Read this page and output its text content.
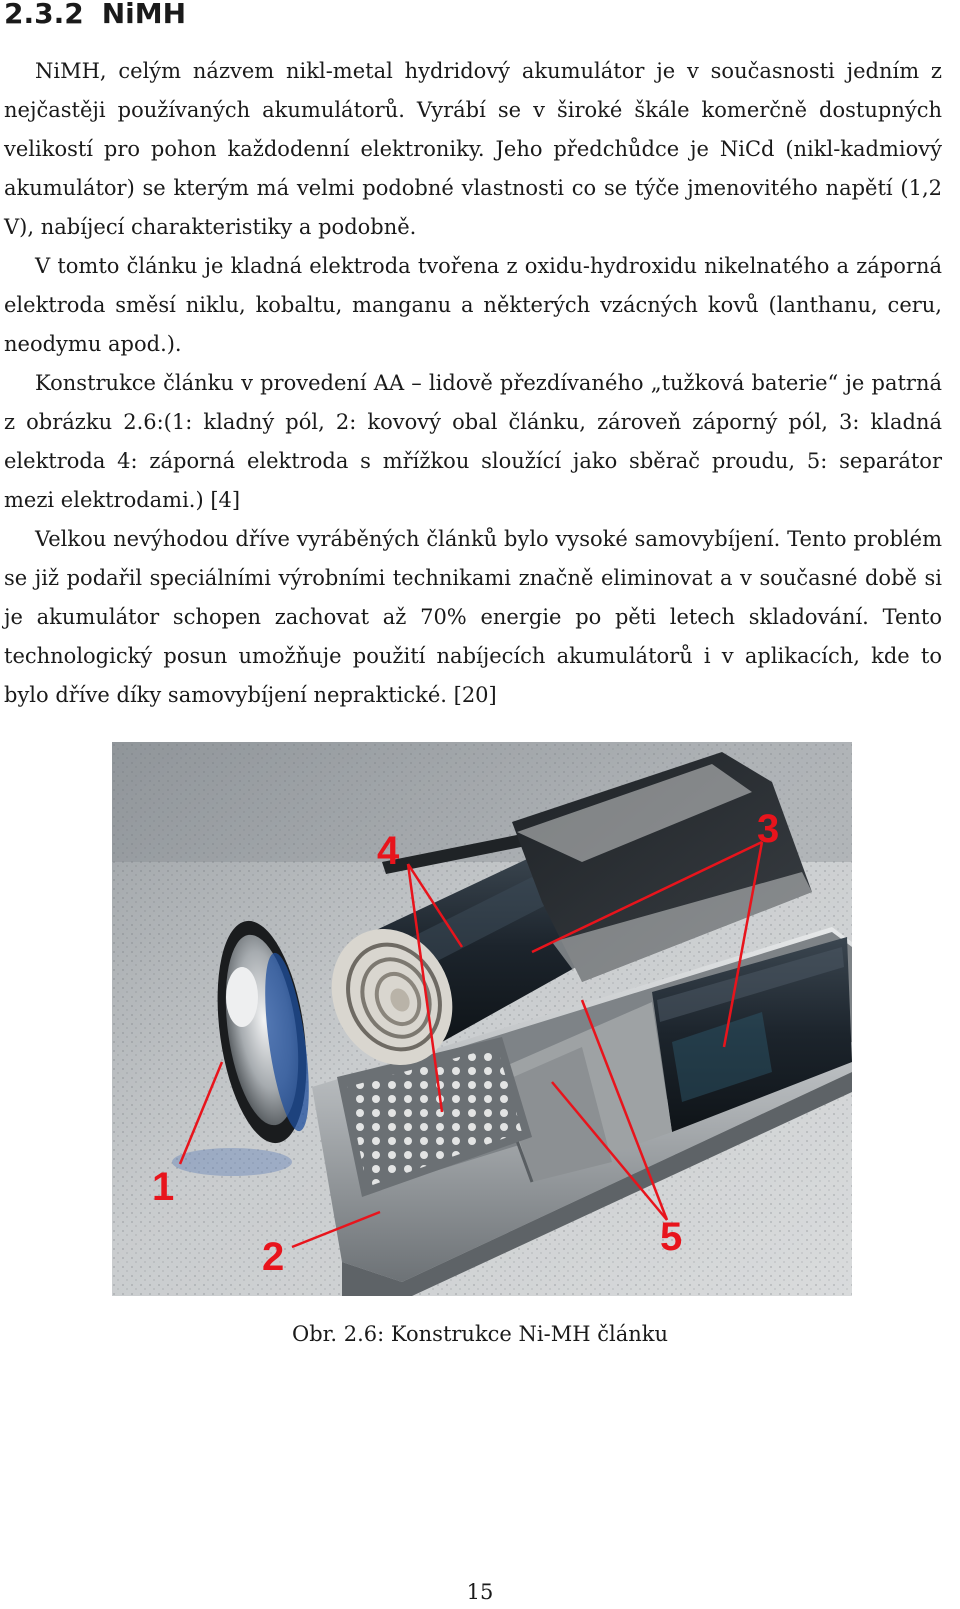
2.3.2 NiMH

NiMH, celým názvem nikl-metal hydridový akumulátor je v současnosti jedním z nejčastěji používaných akumulátorů. Vyrábí se v široké škále komerčně dostupných velikostí pro pohon každodenní elektroniky. Jeho předchůdce je NiCd (nikl-kadmiový akumulátor) se kterým má velmi podobné vlastnosti co se týče jmenovitého napětí (1,2 V), nabíjecí charakteristiky a podobně.

V tomto článku je kladná elektroda tvořena z oxidu-hydroxidu nikelnatého a záporná elektroda směsí niklu, kobaltu, manganu a některých vzácných kovů (lanthanu, ceru, neodymu apod.).

Konstrukce článku v provedení AA – lidově přezdívaného „tužková baterie“ je patrná z obrázku 2.6:(1: kladný pól, 2: kovový obal článku, zároveň záporný pól, 3: kladná elektroda 4: záporná elektroda s mřížkou sloužící jako sběrač proudu, 5: separátor mezi elektrodami.) [4]

Velkou nevýhodou dříve vyráběných článků bylo vysoké samovybíjení. Tento problém se již podařil speciálními výrobními technikami značně eliminovat a v současné době si je akumulátor schopen zachovat až 70% energie po pěti letech skladování. Tento technologický posun umožňuje použití nabíjecích akumulátorů i v aplikacích, kde to bylo dříve díky samovybíjení nepraktické. [20]

1
2
3
4
5
Obr. 2.6: Konstrukce Ni-MH článku
15
